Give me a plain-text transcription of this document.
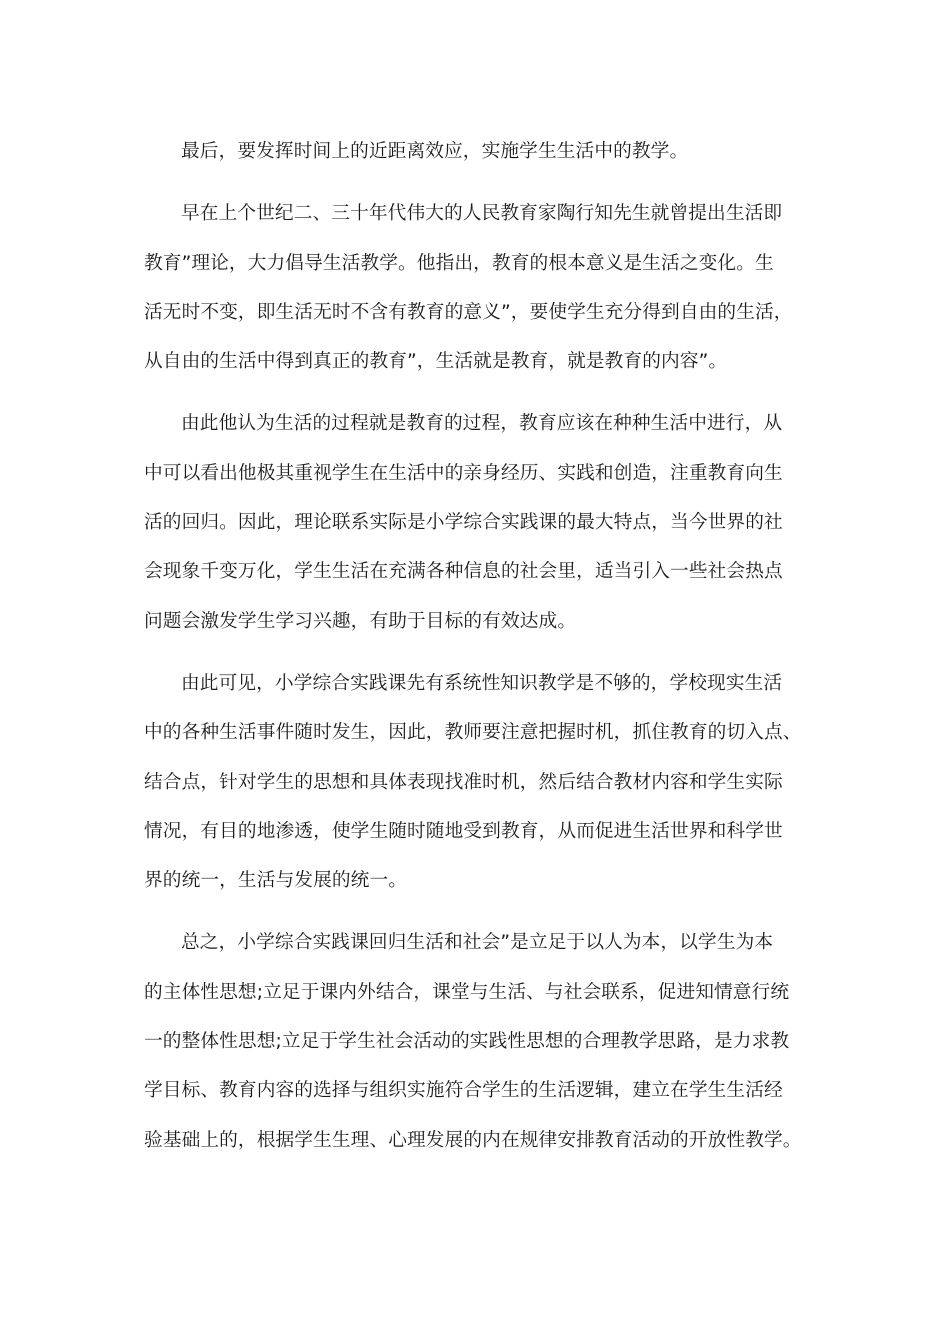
最后，要发挥时间上的近距离效应，实施学生生活中的教学。

早在上个世纪二、三十年代伟大的人民教育家陶行知先生就曾提出生活即
教育”理论，大力倡导生活教学。他指出，教育的根本意义是生活之变化。生
活无时不变，即生活无时不含有教育的意义”，要使学生充分得到自由的生活，
从自由的生活中得到真正的教育”，生活就是教育，就是教育的内容”。

由此他认为生活的过程就是教育的过程，教育应该在种种生活中进行，从
中可以看出他极其重视学生在生活中的亲身经历、实践和创造，注重教育向生
活的回归。因此，理论联系实际是小学综合实践课的最大特点，当今世界的社
会现象千变万化，学生生活在充满各种信息的社会里，适当引入一些社会热点
问题会激发学生学习兴趣，有助于目标的有效达成。

由此可见，小学综合实践课先有系统性知识教学是不够的，学校现实生活
中的各种生活事件随时发生，因此，教师要注意把握时机，抓住教育的切入点、
结合点，针对学生的思想和具体表现找准时机，然后结合教材内容和学生实际
情况，有目的地渗透，使学生随时随地受到教育，从而促进生活世界和科学世
界的统一，生活与发展的统一。

总之，小学综合实践课回归生活和社会”是立足于以人为本，以学生为本
的主体性思想;立足于课内外结合，课堂与生活、与社会联系，促进知情意行统
一的整体性思想;立足于学生社会活动的实践性思想的合理教学思路，是力求教
学目标、教育内容的选择与组织实施符合学生的生活逻辑，建立在学生生活经
验基础上的，根据学生生理、心理发展的内在规律安排教育活动的开放性教学。
